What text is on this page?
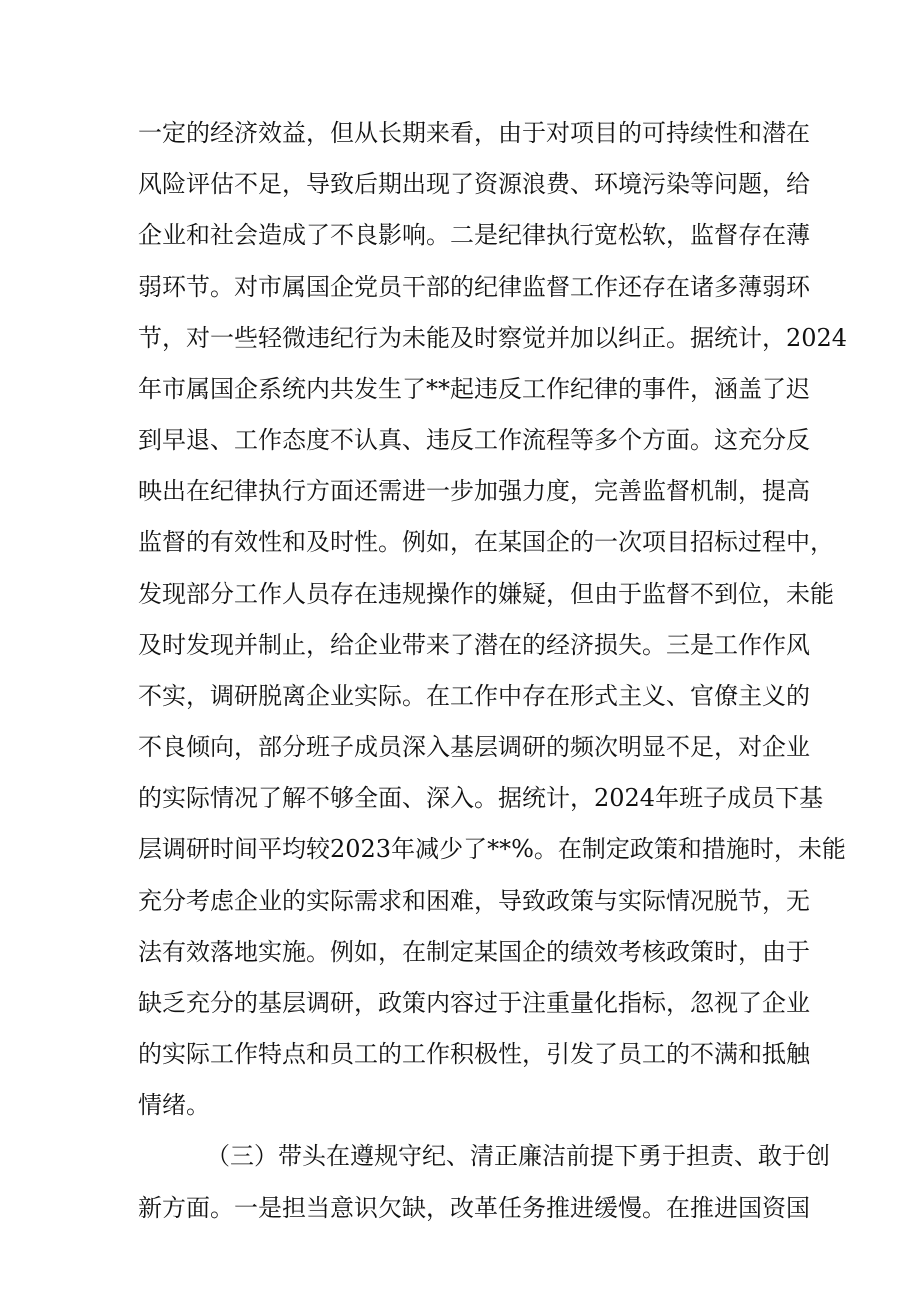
一定的经济效益，但从长期来看，由于对项目的可持续性和潜在
风险评估不足，导致后期出现了资源浪费、环境污染等问题，给
企业和社会造成了不良影响。二是纪律执行宽松软，监督存在薄
弱环节。对市属国企党员干部的纪律监督工作还存在诸多薄弱环
节，对一些轻微违纪行为未能及时察觉并加以纠正。据统计，2024
年市属国企系统内共发生了**起违反工作纪律的事件，涵盖了迟
到早退、工作态度不认真、违反工作流程等多个方面。这充分反
映出在纪律执行方面还需进一步加强力度，完善监督机制，提高
监督的有效性和及时性。例如，在某国企的一次项目招标过程中，
发现部分工作人员存在违规操作的嫌疑，但由于监督不到位，未能
及时发现并制止，给企业带来了潜在的经济损失。三是工作作风
不实，调研脱离企业实际。在工作中存在形式主义、官僚主义的
不良倾向，部分班子成员深入基层调研的频次明显不足，对企业
的实际情况了解不够全面、深入。据统计，2024年班子成员下基
层调研时间平均较2023年减少了**%。在制定政策和措施时，未能
充分考虑企业的实际需求和困难，导致政策与实际情况脱节，无
法有效落地实施。例如，在制定某国企的绩效考核政策时，由于
缺乏充分的基层调研，政策内容过于注重量化指标，忽视了企业
的实际工作特点和员工的工作积极性，引发了员工的不满和抵触
情绪。
（三）带头在遵规守纪、清正廉洁前提下勇于担责、敢于创
新方面。一是担当意识欠缺，改革任务推进缓慢。在推进国资国
